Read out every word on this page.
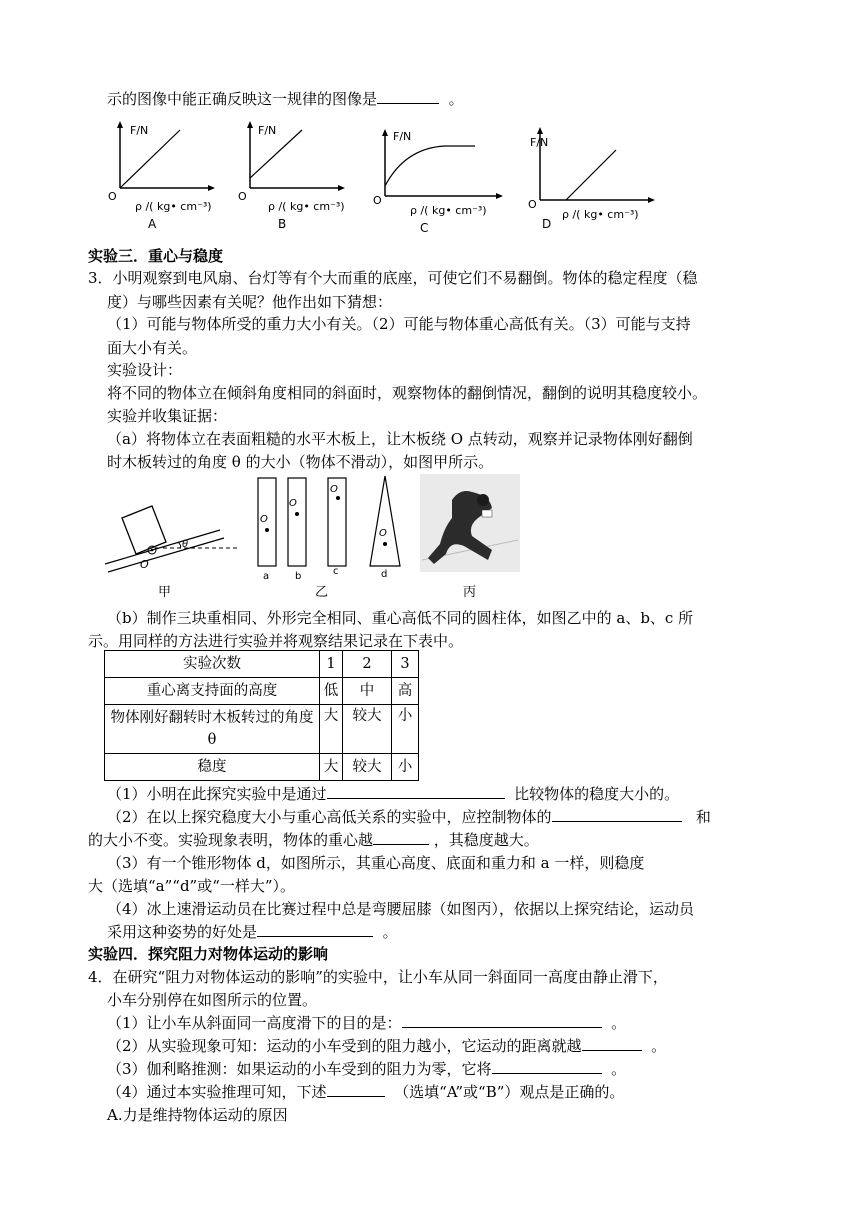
示的图像中能正确反映这一规律的图像是	。
F/N
O
ρ /( kg• cm⁻³)
A
F/N
O
ρ /( kg• cm⁻³)
B
F/N
O
ρ /( kg• cm⁻³)
C
F/N
O
ρ /( kg• cm⁻³)
D
实验三．重心与稳度
3．小明观察到电风扇、台灯等有个大而重的底座，可使它们不易翻倒。物体的稳定程度（稳
度）与哪些因素有关呢？他作出如下猜想：
（1）可能与物体所受的重力大小有关。（2）可能与物体重心高低有关。（3）可能与支持
面大小有关。
实验设计：
将不同的物体立在倾斜角度相同的斜面时，观察物体的翻倒情况，翻倒的说明其稳度较小。
实验并收集证据：
（a）将物体立在表面粗糙的水平木板上，让木板绕 O 点转动，观察并记录物体刚好翻倒
时木板转过的角度 θ 的大小（物体不滑动），如图甲所示。
θ
O
甲
O
O
O
O
a	b	c	d
乙	丙
（b）制作三块重相同、外形完全相同、重心高低不同的圆柱体，如图乙中的 a、b、c 所
示。用同样的方法进行实验并将观察结果记录在下表中。
实验次数	1	2	3
重心离支持面的高度	低	中	高
物体刚好翻转时木板转过的角度 θ	大	较大	小
稳度	大	较大	小
（1）小明在此探究实验中是通过	比较物体的稳度大小的。
（2）在以上探究稳度大小与重心高低关系的实验中，应控制物体的	和
的大小不变。实验现象表明，物体的重心越	，其稳度越大。
（3）有一个锥形物体 d，如图所示，其重心高度、底面和重力和 a 一样，则稳度
大（选填“a”“d”或“一样大”）。
（4）冰上速滑运动员在比赛过程中总是弯腰屈膝（如图丙），依据以上探究结论，运动员
采用这种姿势的好处是	。
实验四．探究阻力对物体运动的影响
4．在研究“阻力对物体运动的影响”的实验中，让小车从同一斜面同一高度由静止滑下，
小车分别停在如图所示的位置。
（1）让小车从斜面同一高度滑下的目的是：	。
（2）从实验现象可知：运动的小车受到的阻力越小，它运动的距离就越	。
（3）伽利略推测：如果运动的小车受到的阻力为零，它将	。
（4）通过本实验推理可知，下述	（选填“A”或“B”）观点是正确的。
A.力是维持物体运动的原因
